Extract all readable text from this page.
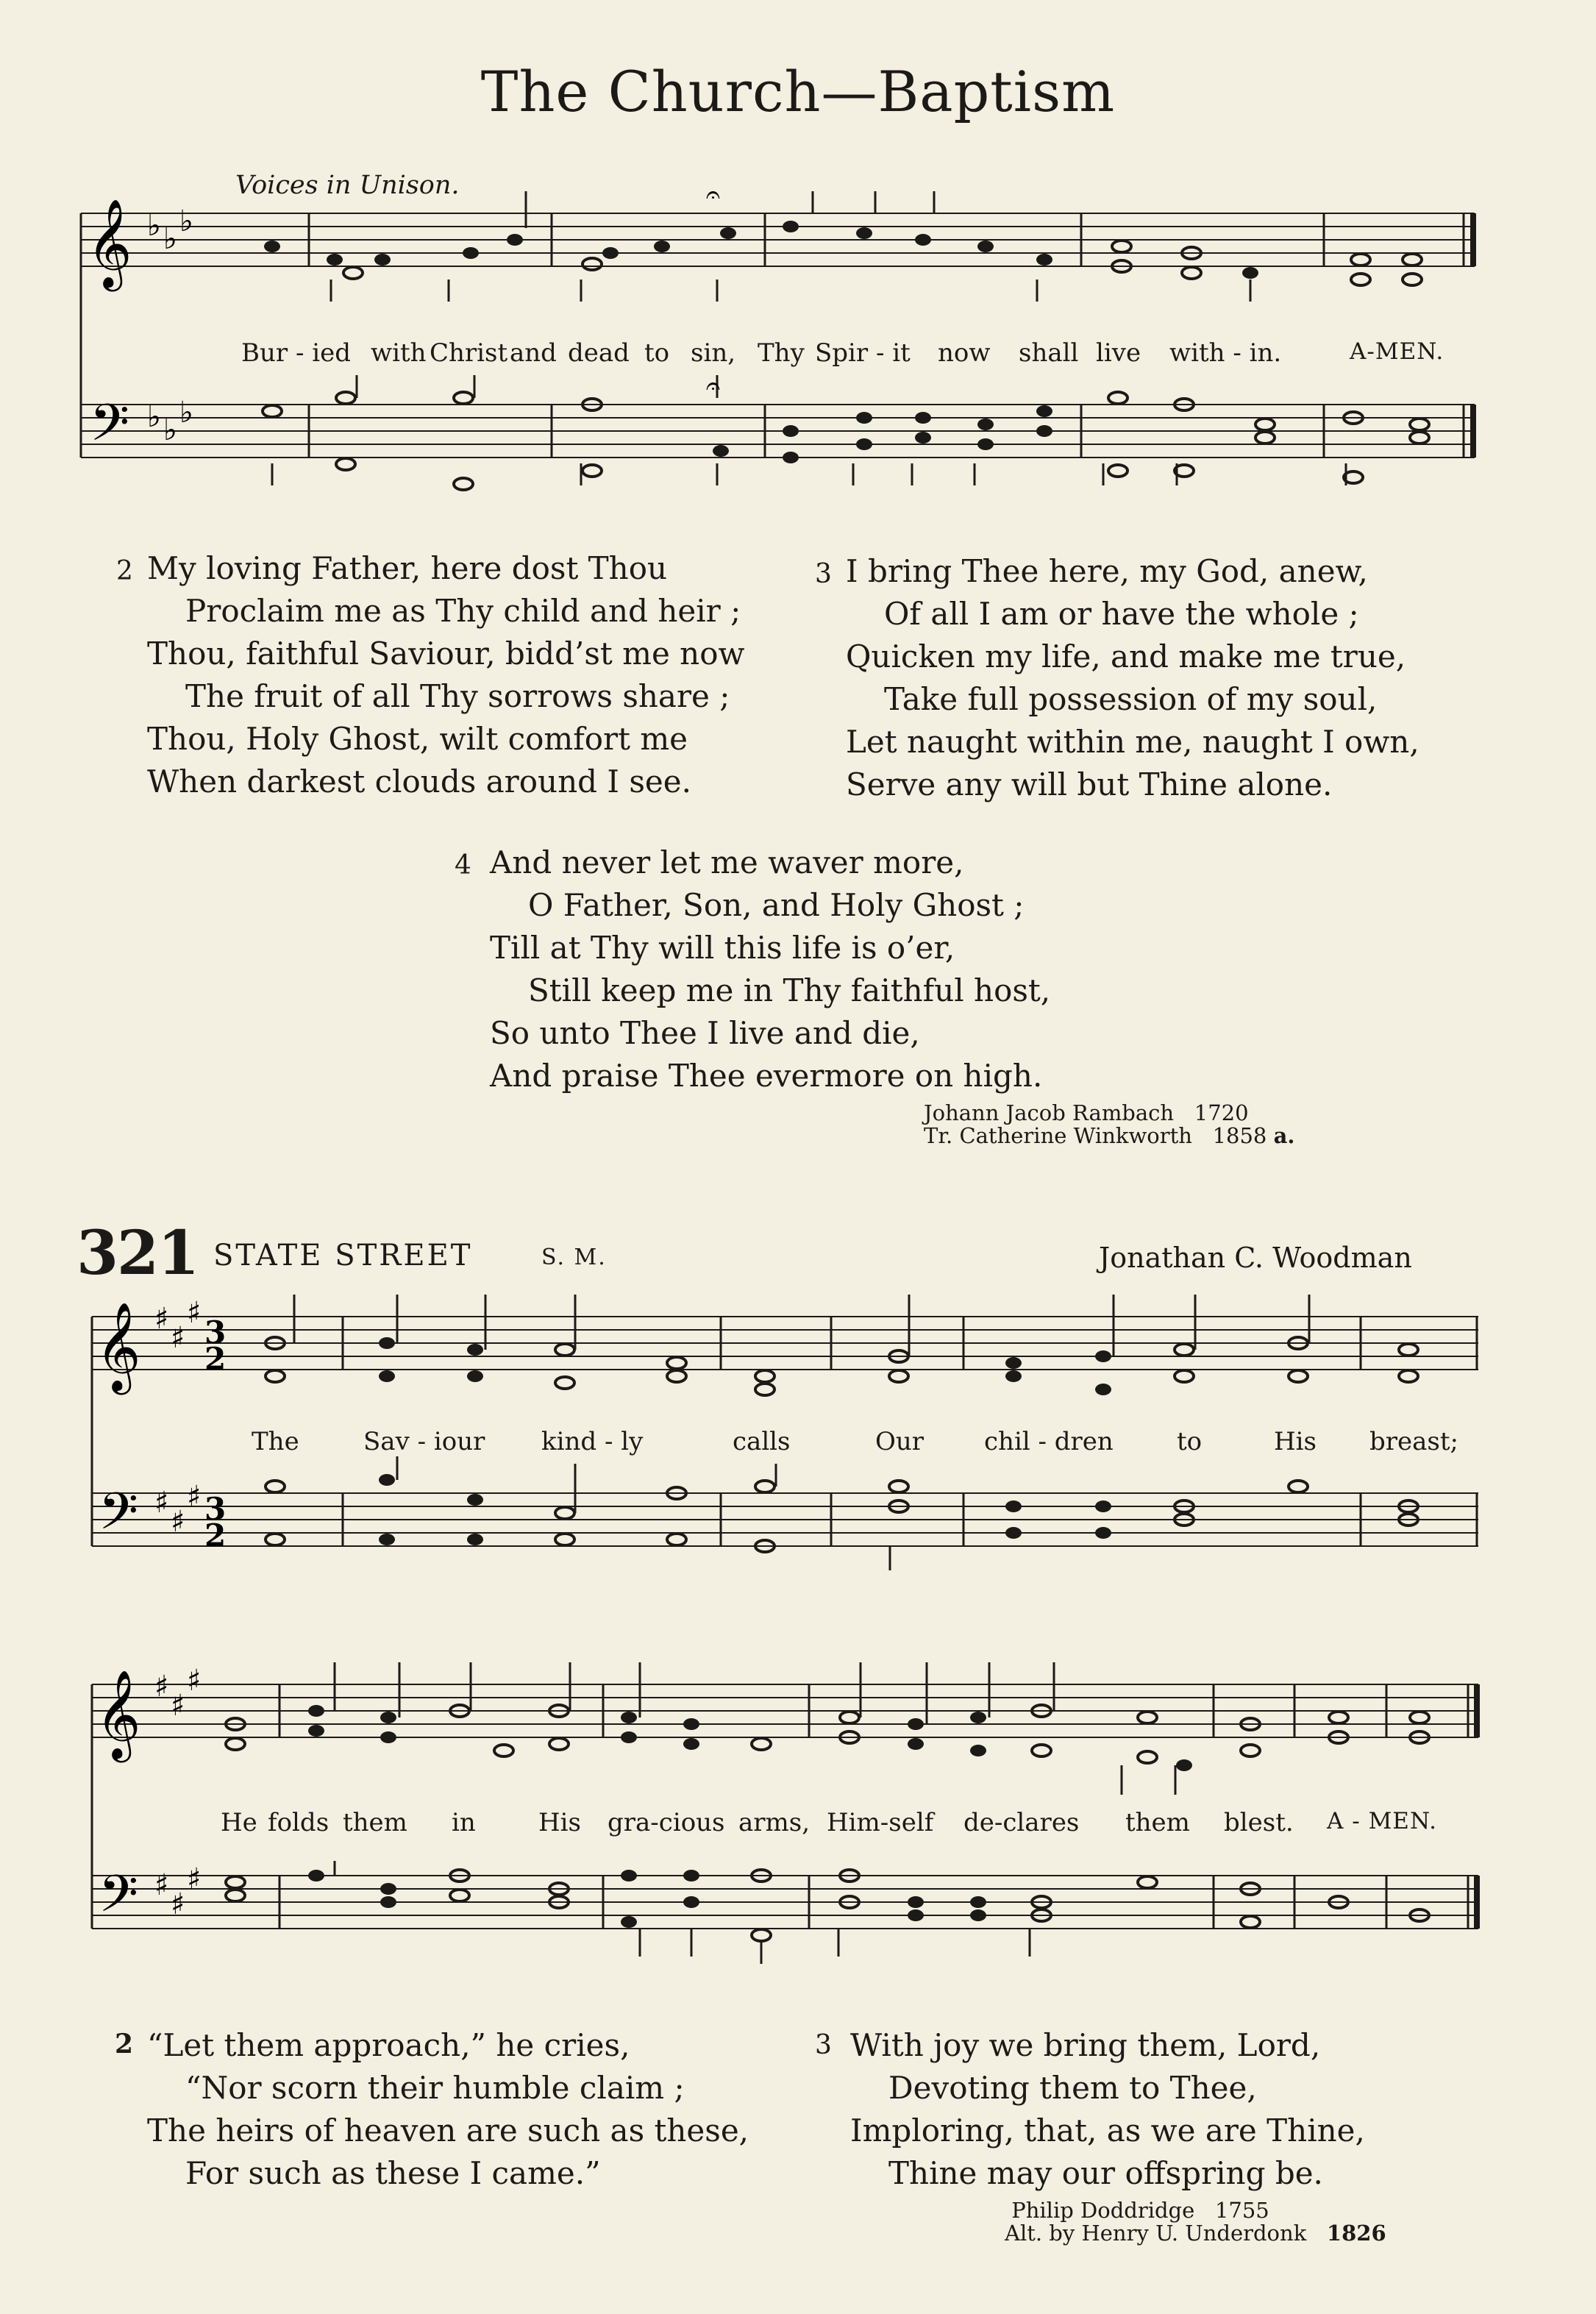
The Church—Baptism
Voices in Unison.
𝄞
𝄢
♭ ♭
♭
♭ ♭
♭
𝄐
𝄐
Bur - ied with Christ and dead to sin, Thy Spir - it now shall live with - in.	A-MEN.
2 My loving Father, here dost Thou
Proclaim me as Thy child and heir ;
Thou, faithful Saviour, bidd’st me now
The fruit of all Thy sorrows share ;
Thou, Holy Ghost, wilt comfort me
When darkest clouds around I see.
3 I bring Thee here, my God, anew,
Of all I am or have the whole ;
Quicken my life, and make me true,
Take full possession of my soul,
Let naught within me, naught I own,
Serve any will but Thine alone.
4 And never let me waver more,
O Father, Son, and Holy Ghost ;
Till at Thy will this life is o’er,
Still keep me in Thy faithful host,
So unto Thee I live and die,
And praise Thee evermore on high.
Johann Jacob Rambach 1720
Tr. Catherine Winkworth 1858 a.
321 STATE STREET	S. M.	Jonathan C. Woodman
𝄞
𝄢
♯
♯
♯
♯
♯
♯
3
2
3
2
The	Sav - iour kind - ly	calls	Our chil - dren	to	His breast;
𝄞
𝄢
♯
♯
♯
♯
♯
♯
He folds them in	His gra-cious arms, Him-self de-clares them blest. A - MEN.
2 “Let them approach,” he cries,
“Nor scorn their humble claim ;
The heirs of heaven are such as these,
For such as these I came.”
3 With joy we bring them, Lord,
Devoting them to Thee,
Imploring, that, as we are Thine,
Thine may our offspring be.
Philip Doddridge 1755
Alt. by Henry U. Underdonk 1826
